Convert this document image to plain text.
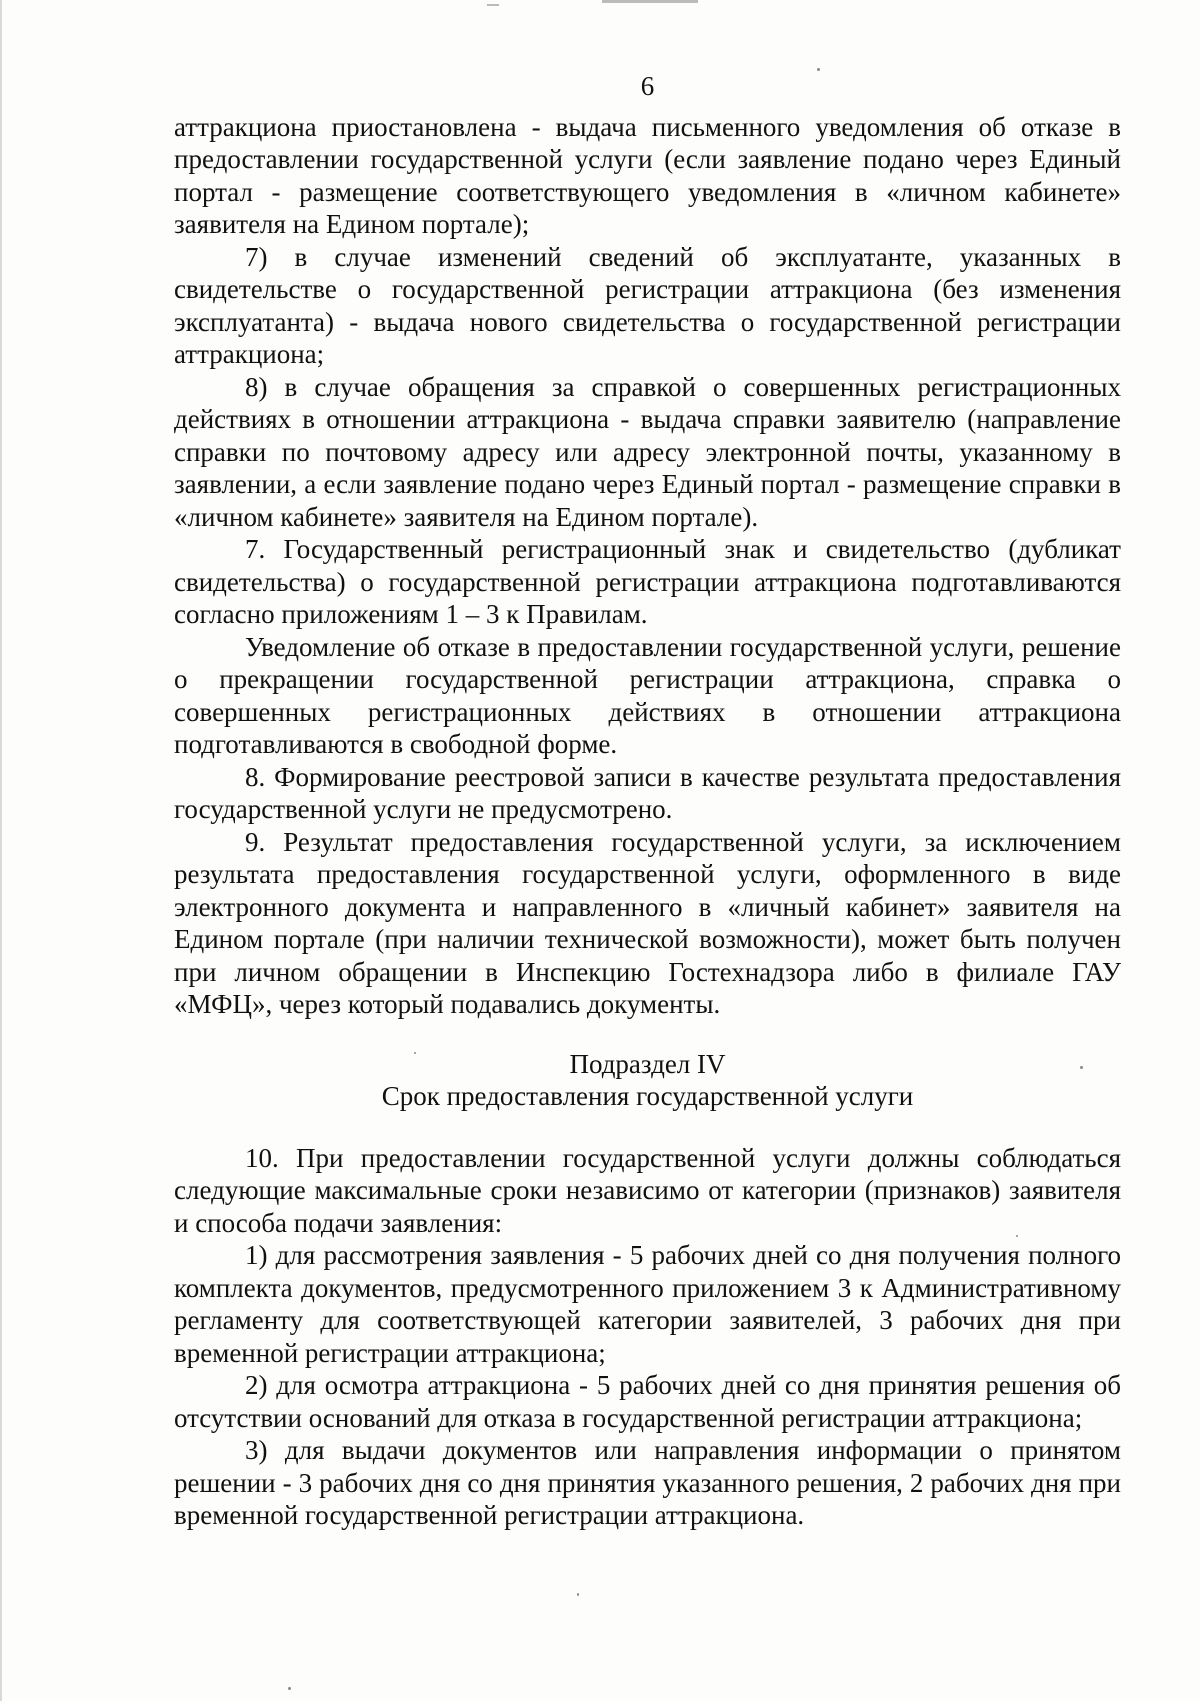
6

аттракциона приостановлена - выдача письменного уведомления об отказе в предоставлении государственной услуги (если заявление подано через Единый портал - размещение соответствующего уведомления в «личном кабинете» заявителя на Едином портале);

7) в случае изменений сведений об эксплуатанте, указанных в свидетельстве о государственной регистрации аттракциона (без изменения эксплуатанта) - выдача нового свидетельства о государственной регистрации аттракциона;

8) в случае обращения за справкой о совершенных регистрационных действиях в отношении аттракциона - выдача справки заявителю (направление справки по почтовому адресу или адресу электронной почты, указанному в заявлении, а если заявление подано через Единый портал - размещение справки в «личном кабинете» заявителя на Едином портале).

7. Государственный регистрационный знак и свидетельство (дубликат свидетельства) о государственной регистрации аттракциона подготавливаются согласно приложениям 1 – 3 к Правилам.

Уведомление об отказе в предоставлении государственной услуги, решение о прекращении государственной регистрации аттракциона, справка о совершенных регистрационных действиях в отношении аттракциона подготавливаются в свободной форме.

8. Формирование реестровой записи в качестве результата предоставления государственной услуги не предусмотрено.

9. Результат предоставления государственной услуги, за исключением результата предоставления государственной услуги, оформленного в виде электронного документа и направленного в «личный кабинет» заявителя на Едином портале (при наличии технической возможности), может быть получен при личном обращении в Инспекцию Гостехнадзора либо в филиале ГАУ «МФЦ», через который подавались документы.

Подраздел IV
Срок предоставления государственной услуги

10. При предоставлении государственной услуги должны соблюдаться следующие максимальные сроки независимо от категории (признаков) заявителя и способа подачи заявления:

1) для рассмотрения заявления - 5 рабочих дней со дня получения полного комплекта документов, предусмотренного приложением 3 к Административному регламенту для соответствующей категории заявителей, 3 рабочих дня при временной регистрации аттракциона;

2) для осмотра аттракциона - 5 рабочих дней со дня принятия решения об отсутствии оснований для отказа в государственной регистрации аттракциона;

3) для выдачи документов или направления информации о принятом решении - 3 рабочих дня со дня принятия указанного решения, 2 рабочих дня при временной государственной регистрации аттракциона.
